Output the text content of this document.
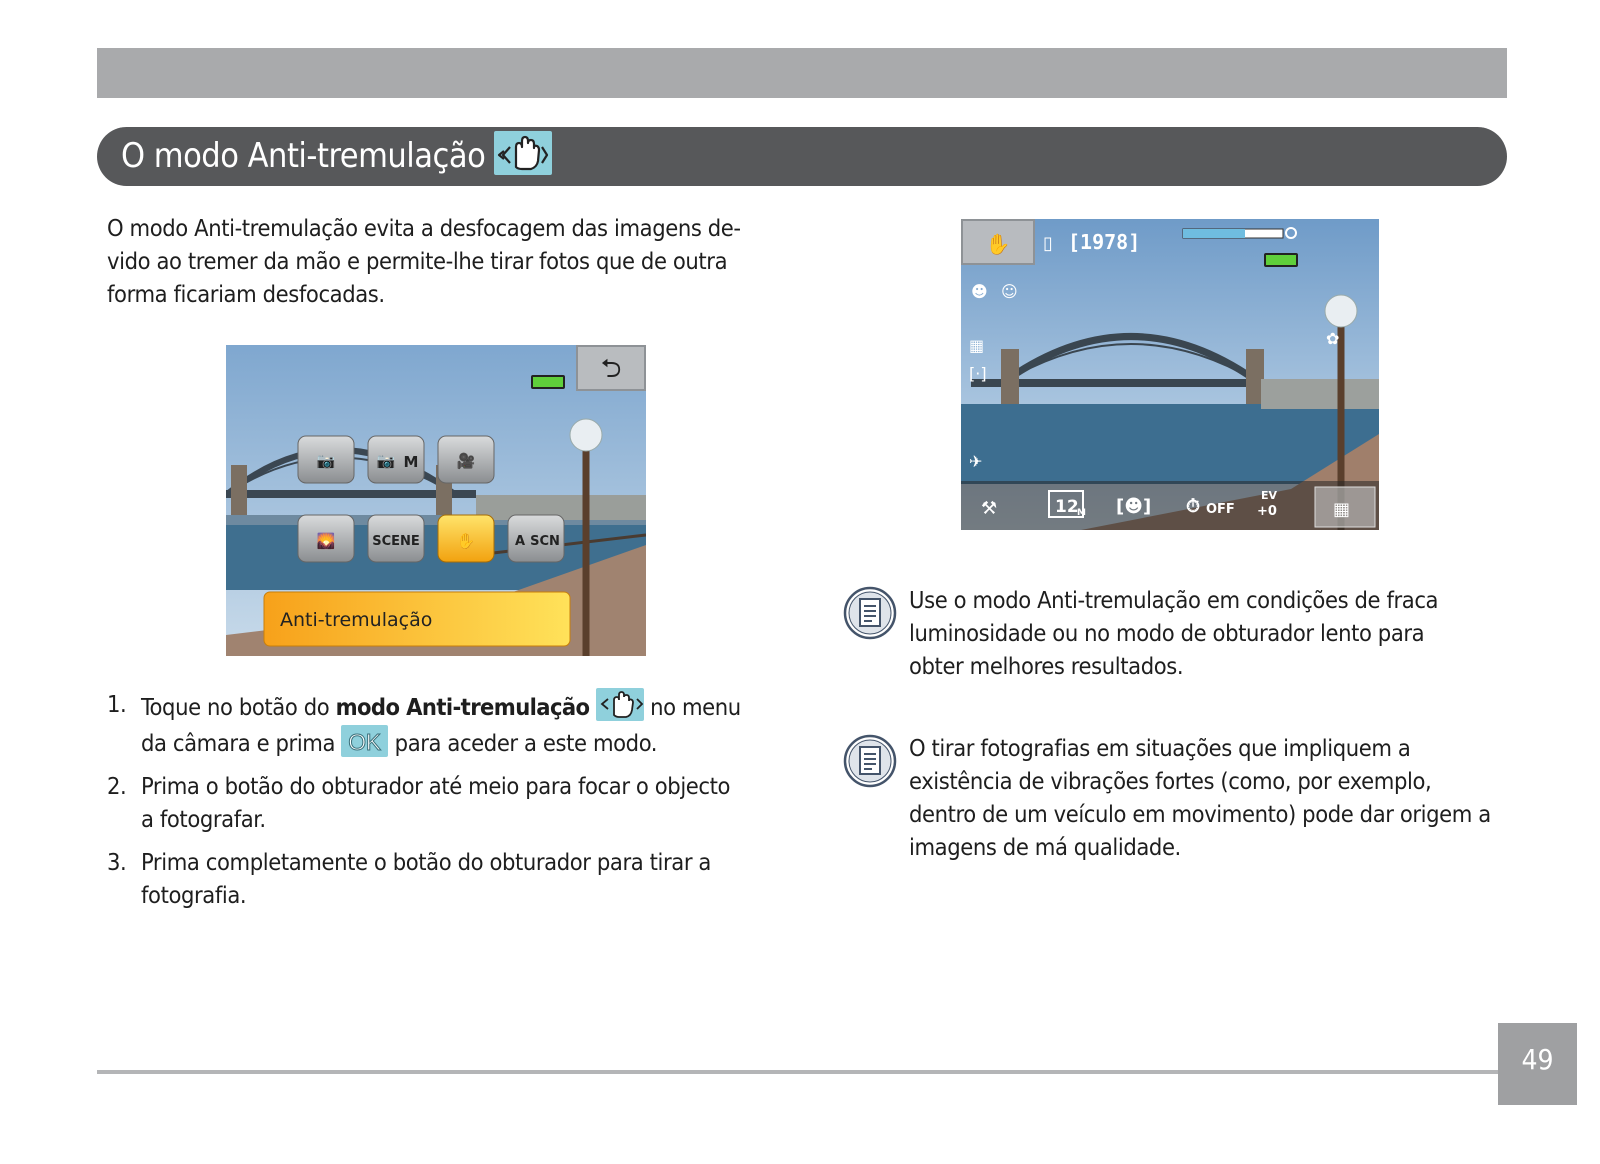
O modo Anti-tremulação
O modo Anti-tremulação evita a desfocagem das imagens de-vido ao tremer da mão e permite-lhe tirar fotos que de outra forma ficariam desfocadas.
⮌
📷	📷 M	🎥
🌄	SCENE ✋	A SCN
Anti-tremulação
✋ ▯ [1978]
☻ ☺
▦
[·]
✈
✿
⚒	12
M [☻] ⏱ OFF
EV
+0	▦
1. Toque no botão do modo Anti-tremulação  no menu
da câmara e prima OK para aceder a este modo.
2. Prima o botão do obturador até meio para focar o objecto
a fotografar.
3. Prima completamente o botão do obturador para tirar a
fotografia.
Use o modo Anti-tremulação em condições de fraca
luminosidade ou no modo de obturador lento para
obter melhores resultados.
O tirar fotografias em situações que impliquem a
existência de vibrações fortes (como, por exemplo,
dentro de um veículo em movimento) pode dar origem a
imagens de má qualidade.
49
